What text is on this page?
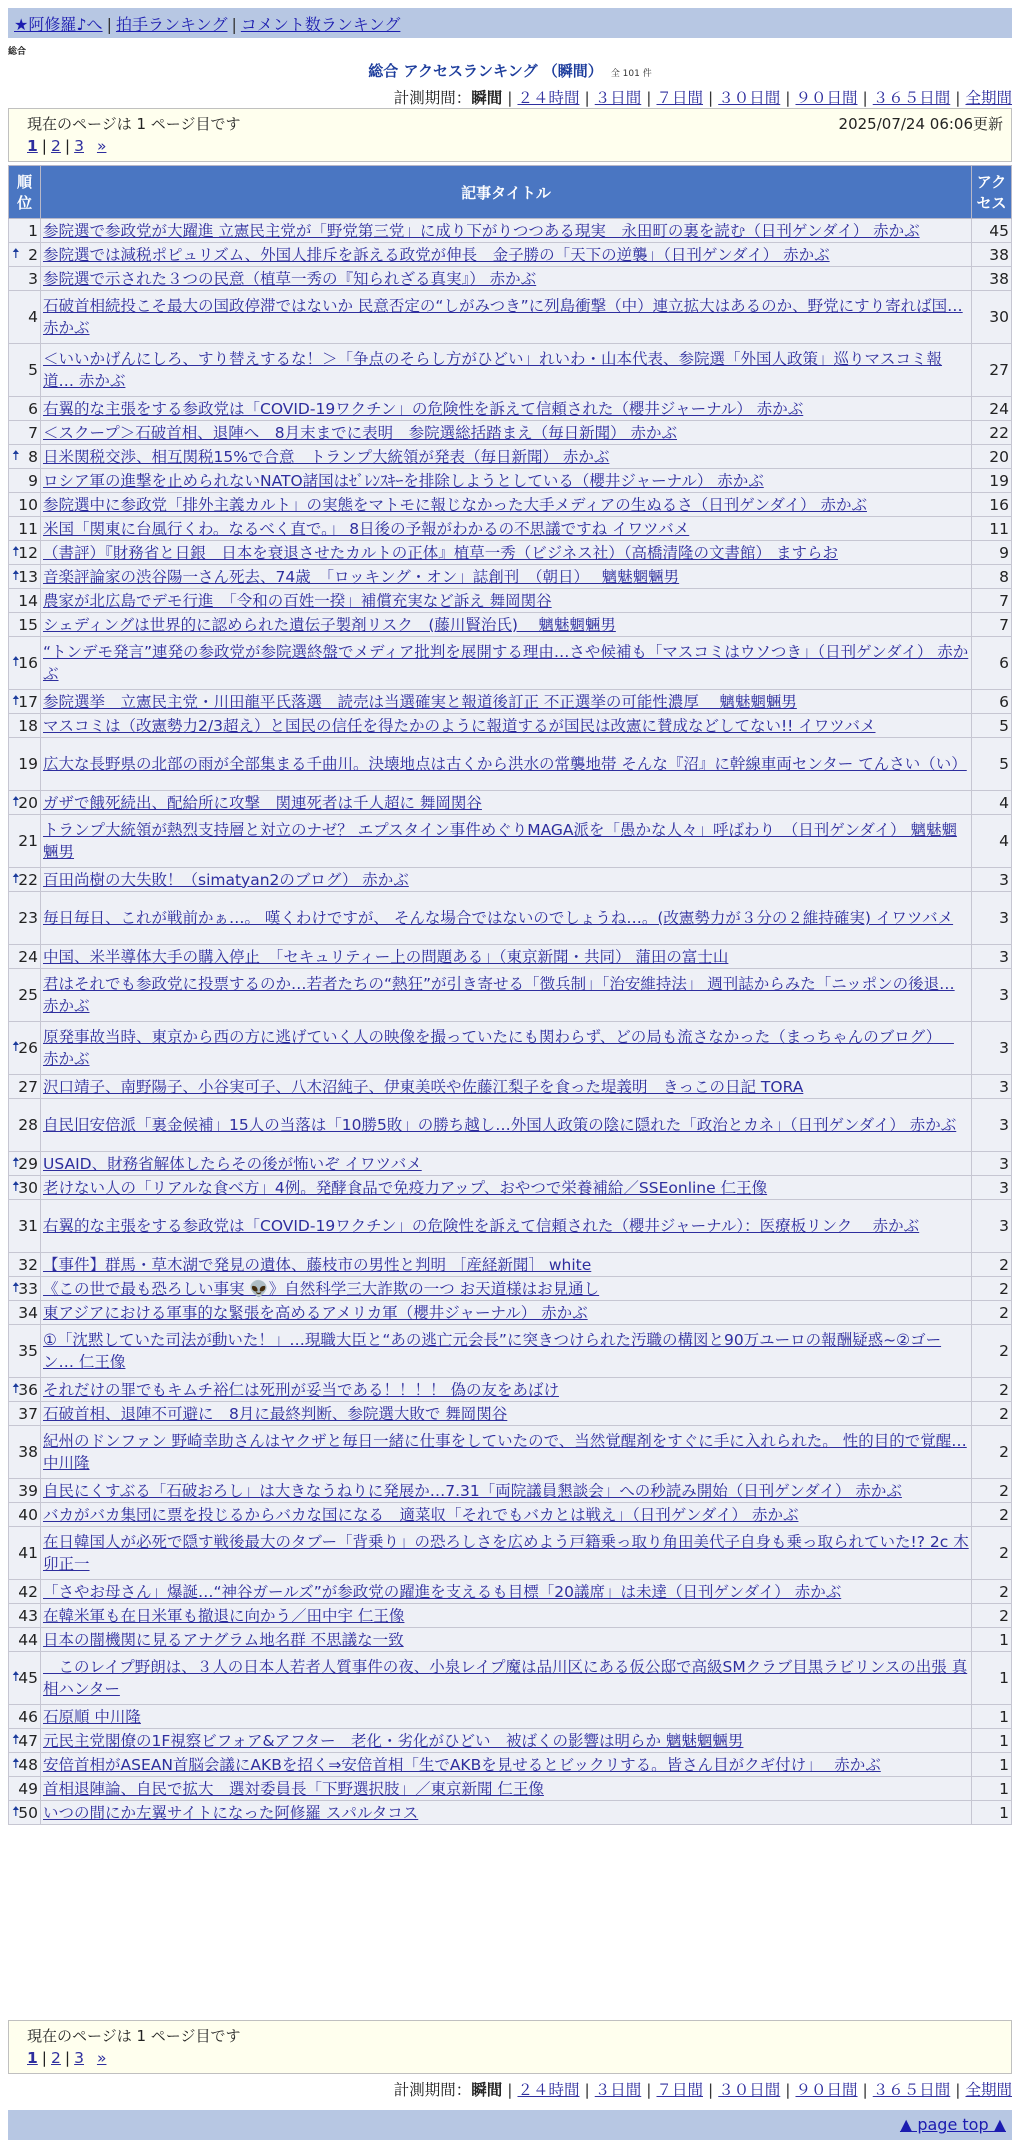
★阿修羅♪へ | 拍手ランキング | コメント数ランキング
総合
総合 アクセスランキング （瞬間） 全 101 件
計測期間：瞬間 | ２４時間 | ３日間 | ７日間 | ３０日間 | ９０日間 | ３６５日間 | 全期間
現在のページは 1 ページ目です	2025/07/24 06:06更新
1 | 2 | 3 »
順位	記事タイトル	アクセス
1	参院選で参政党が大躍進 立憲民主党が「野党第三党」に成り下がりつつある現実　永田町の裏を読む（日刊ゲンダイ） 赤かぶ	45

🠅 2	参院選では減税ポピュリズム、外国人排斥を訴える政党が伸長　金子勝の「天下の逆襲」（日刊ゲンダイ） 赤かぶ	38
3	参院選で示された３つの民意（植草一秀の『知られざる真実』） 赤かぶ	38
4	石破首相続投こそ最大の国政停滞ではないか 民意否定の“しがみつき”に列島衝撃（中）連立拡大はあるのか、野党にすり寄れば国… 赤かぶ	30
5	＜いいかげんにしろ、すり替えするな！＞「争点のそらし方がひどい」れいわ・山本代表、参院選「外国人政策」巡りマスコミ報道… 赤かぶ	27
6	右翼的な主張をする参政党は「COVID-19ワクチン」の危険性を訴えて信頼された（櫻井ジャーナル） 赤かぶ	24
7	＜スクープ＞石破首相、退陣へ　8月末までに表明　参院選総括踏まえ（毎日新聞） 赤かぶ	22

🠅 8	日米関税交渉、相互関税15%で合意　トランプ大統領が発表（毎日新聞） 赤かぶ	20
9	ロシア軍の進撃を止められないNATO諸国はｾﾞﾚﾝｽｷｰを排除しようとしている（櫻井ジャーナル） 赤かぶ	19
10	参院選中に参政党「排外主義カルト」の実態をマトモに報じなかった大手メディアの生ぬるさ（日刊ゲンダイ） 赤かぶ	16
11	米国「関東に台風行くわ。なるべく直で。」 8日後の予報がわかるの不思議ですね イワツバメ	11

🠅
12	（書評）『財務省と日銀　日本を衰退させたカルトの正体』植草一秀（ビジネス社）（高橋清隆の文書館） ますらお	9

🠅
13	音楽評論家の渋谷陽一さん死去、74歳　「ロッキング・オン」誌創刊　（朝日）　 魑魅魍魎男	8
14	農家が北広島でデモ行進　「令和の百姓一揆」補償充実など訴え 舞岡関谷	7
15	シェディングは世界的に認められた遺伝子製剤リスク　(藤川賢治氏)　 魑魅魍魎男	7

🠅
16	“トンデモ発言”連発の参政党が参院選終盤でメディア批判を展開する理由…さや候補も「マスコミはウソつき」（日刊ゲンダイ） 赤かぶ	6

🠅
17	参院選挙　立憲民主党・川田龍平氏落選　読売は当選確実と報道後訂正 不正選挙の可能性濃厚　 魑魅魍魎男	6
18	マスコミは（改憲勢力2/3超え）と国民の信任を得たかのように報道するが国民は改憲に賛成などしてない!! イワツバメ	5
19	広大な長野県の北部の雨が全部集まる千曲川。決壊地点は古くから洪水の常襲地帯 そんな『沼』に幹線車両センター てんさい（い）	5

🠅
20	ガザで餓死続出、配給所に攻撃　関連死者は千人超に 舞岡関谷	4
21	トランプ大統領が熱烈支持層と対立のナゼ？ エプスタイン事件めぐりMAGA派を「愚かな人々」呼ばわり　（日刊ゲンダイ） 魑魅魍魎男	4

🠅
22	百田尚樹の大失敗！（simatyan2のブログ） 赤かぶ	3
23	毎日毎日、これが戦前かぁ…。 嘆くわけですが、 そんな場合ではないのでしょうね…。(改憲勢力が３分の２維持確実) イワツバメ	3
24	中国、米半導体大手の購入停止　「セキュリティー上の問題ある」（東京新聞・共同） 蒲田の富士山	3
25	君はそれでも参政党に投票するのか…若者たちの“熱狂”が引き寄せる「徴兵制」「治安維持法」 週刊誌からみた「ニッポンの後退… 赤かぶ	3

🠅
26	原発事故当時、東京から西の方に逃げていく人の映像を撮っていたにも関わらず、どの局も流さなかった（まっちゃんのブログ）　 赤かぶ	3
27	沢口靖子、南野陽子、小谷実可子、八木沼純子、伊東美咲や佐藤江梨子を食った堤義明　きっこの日記 TORA	3
28	自民旧安倍派「裏金候補」15人の当落は「10勝5敗」の勝ち越し…外国人政策の陰に隠れた「政治とカネ」（日刊ゲンダイ） 赤かぶ	3

🠅
29	USAID、財務省解体したらその後が怖いぞ イワツバメ	3

🠅
30	老けない人の「リアルな食べ方」4例。発酵食品で免疫力アップ、おやつで栄養補給／SSEonline 仁王像	3
31	右翼的な主張をする参政党は「COVID-19ワクチン」の危険性を訴えて信頼された（櫻井ジャーナル）：医療板リンク　 赤かぶ	3
32	【事件】群馬・草木湖で発見の遺体、藤枝市の男性と判明 ［産経新聞］ white	2

🠅
33	《この世で最も恐ろしい事実 👽》自然科学三大詐欺の一つ お天道様はお見通し	2
34	東アジアにおける軍事的な緊張を高めるアメリカ軍（櫻井ジャーナル） 赤かぶ	2
35	①「沈黙していた司法が動いた！」…現職大臣と“あの逃亡元会長”に突きつけられた汚職の構図と90万ユーロの報酬疑惑~②ゴーン… 仁王像	2

🠅
36	それだけの罪でもキムチ裕仁は死刑が妥当である！！！！ 偽の友をあばけ	2
37	石破首相、退陣不可避に　8月に最終判断、参院選大敗で 舞岡関谷	2
38	紀州のドンファン 野崎幸助さんはヤクザと毎日一緒に仕事をしていたので、当然覚醒剤をすぐに手に入れられた。 性的目的で覚醒… 中川隆	2
39	自民にくすぶる「石破おろし」は大きなうねりに発展か…7.31「両院議員懇談会」への秒読み開始（日刊ゲンダイ） 赤かぶ	2
40	バカがバカ集団に票を投じるからバカな国になる　適菜収「それでもバカとは戦え」（日刊ゲンダイ） 赤かぶ	2
41	在日韓国人が必死で隠す戦後最大のタブー「背乗り」の恐ろしさを広めよう戸籍乗っ取り角田美代子自身も乗っ取られていた!? 2c 木卯正一	2
42	「さやお母さん」爆誕…“神谷ガールズ”が参政党の躍進を支えるも目標「20議席」は未達（日刊ゲンダイ） 赤かぶ	2
43	在韓米軍も在日米軍も撤退に向かう／田中宇 仁王像	2
44	日本の闇機関に見るアナグラム地名群 不思議な一致	1

🠅
45	　このレイプ野朗は、３人の日本人若者人質事件の夜、小泉レイプ魔は品川区にある仮公邸で高級SMクラブ目黒ラビリンスの出張 真相ハンター	1
46	石原順 中川隆	1

🠅
47	元民主党閣僚の1F視察ビフォア&アフター　老化・劣化がひどい　被ばくの影響は明らか 魑魅魍魎男	1

🠅
48	安倍首相がASEAN首脳会議にAKBを招く⇒安倍首相「生でAKBを見せるとビックリする。皆さん目がクギ付け」　 赤かぶ	1
49	首相退陣論、自民で拡大　選対委員長「下野選択肢」／東京新聞 仁王像	1

🠅
50	いつの間にか左翼サイトになった阿修羅 スパルタコス	1
現在のページは 1 ページ目です
1 | 2 | 3 »
計測期間：瞬間 | ２４時間 | ３日間 | ７日間 | ３０日間 | ９０日間 | ３６５日間 | 全期間
▲ page top ▲
